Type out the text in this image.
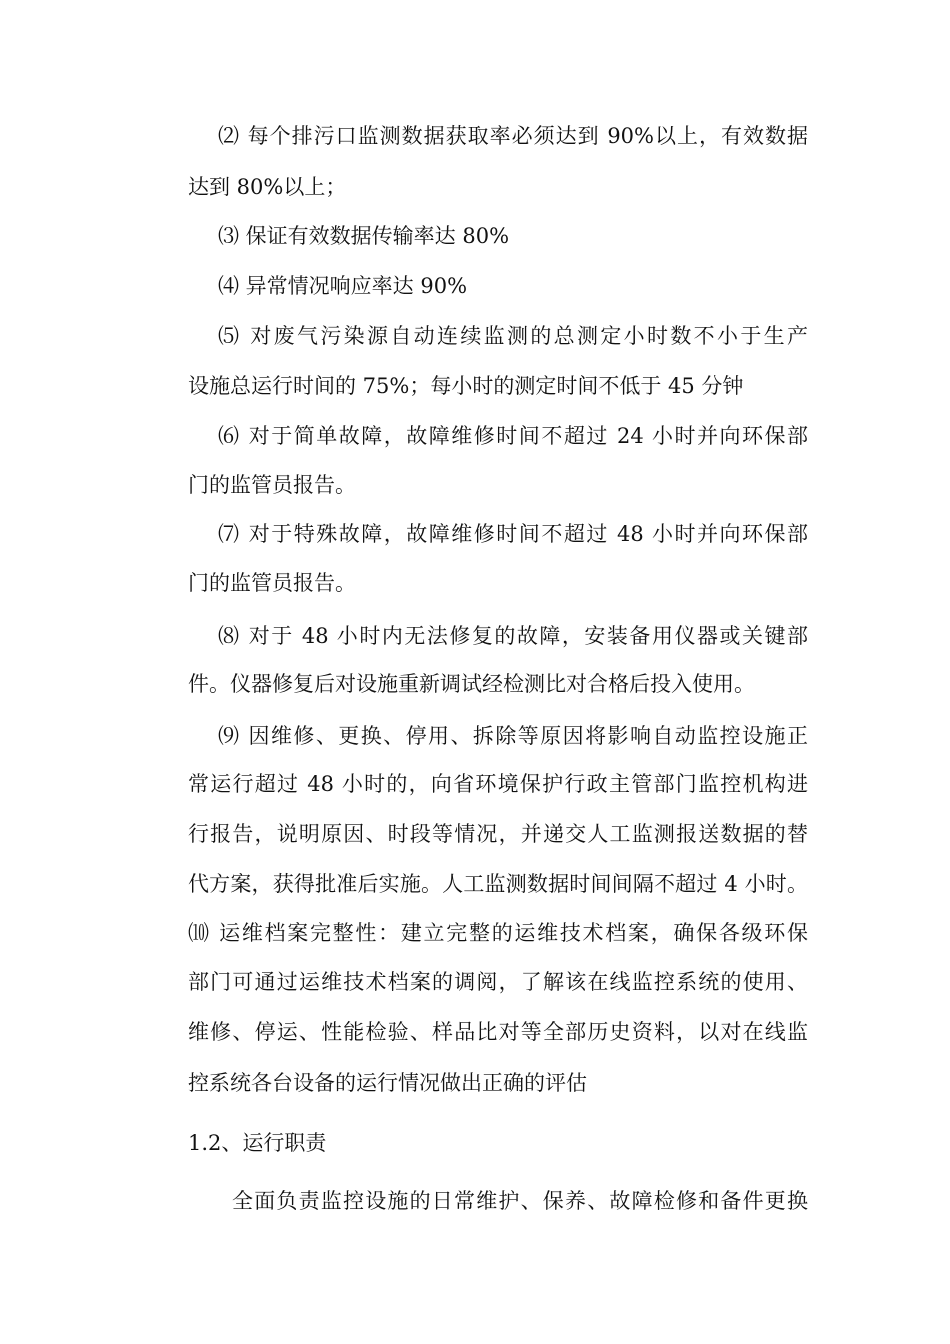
⑵ 每个排污口监测数据获取率必须达到 90%以上，有效数据
达到 80%以上；
⑶ 保证有效数据传输率达 80%
⑷ 异常情况响应率达 90%
⑸ 对废气污染源自动连续监测的总测定小时数不小于生产
设施总运行时间的 75%；每小时的测定时间不低于 45 分钟
⑹ 对于简单故障，故障维修时间不超过 24 小时并向环保部
门的监管员报告。
⑺ 对于特殊故障，故障维修时间不超过 48 小时并向环保部
门的监管员报告。
⑻ 对于 48 小时内无法修复的故障，安装备用仪器或关键部
件。仪器修复后对设施重新调试经检测比对合格后投入使用。
⑼ 因维修、更换、停用、拆除等原因将影响自动监控设施正
常运行超过 48 小时的，向省环境保护行政主管部门监控机构进
行报告，说明原因、时段等情况，并递交人工监测报送数据的替
代方案，获得批准后实施。人工监测数据时间间隔不超过 4 小时。
⑽ 运维档案完整性：建立完整的运维技术档案，确保各级环保
部门可通过运维技术档案的调阅，了解该在线监控系统的使用、
维修、停运、性能检验、样品比对等全部历史资料，以对在线监
控系统各台设备的运行情况做出正确的评估
1.2、运行职责
全面负责监控设施的日常维护、保养、故障检修和备件更换
